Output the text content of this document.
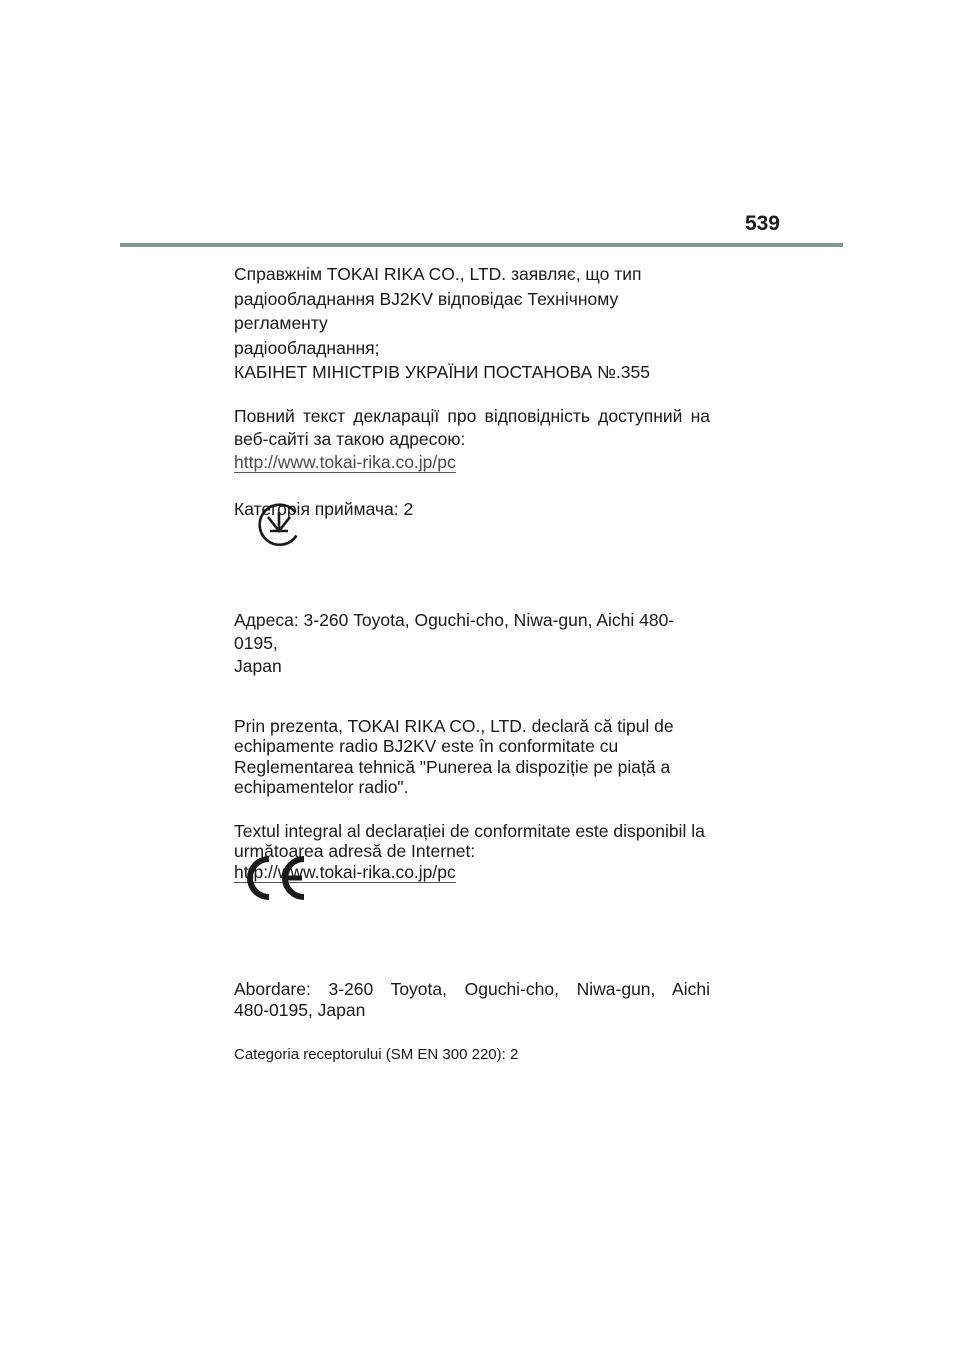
539

Справжнім TOKAI RIKA CO., LTD. заявляє, що тип

радіообладнання BJ2KV відповідає Технічному регламенту

радіообладнання;

КАБІНЕТ МІНІСТРІВ УКРАЇНИ ПОСТАНОВА №.355

Повний текст декларації про відповідність доступний на

веб-сайті за такою адресою:

http://www.tokai-rika.co.jp/pc

Категорія приймача: 2

Адреса: 3-260 Toyota, Oguchi-cho, Niwa-gun, Aichi 480-0195,

Japan

Prin prezenta, TOKAI RIKA CO., LTD. declară că tipul de

echipamente radio BJ2KV este în conformitate cu

Reglementarea tehnică "Punerea la dispoziție pe piață a

echipamentelor radio".

Textul integral al declarației de conformitate este disponibil la

următoarea adresă de Internet:

http://www.tokai-rika.co.jp/pc

Abordare: 3-260 Toyota, Oguchi-cho, Niwa-gun, Aichi

480-0195, Japan

Categoria receptorului (SM EN 300 220): 2
